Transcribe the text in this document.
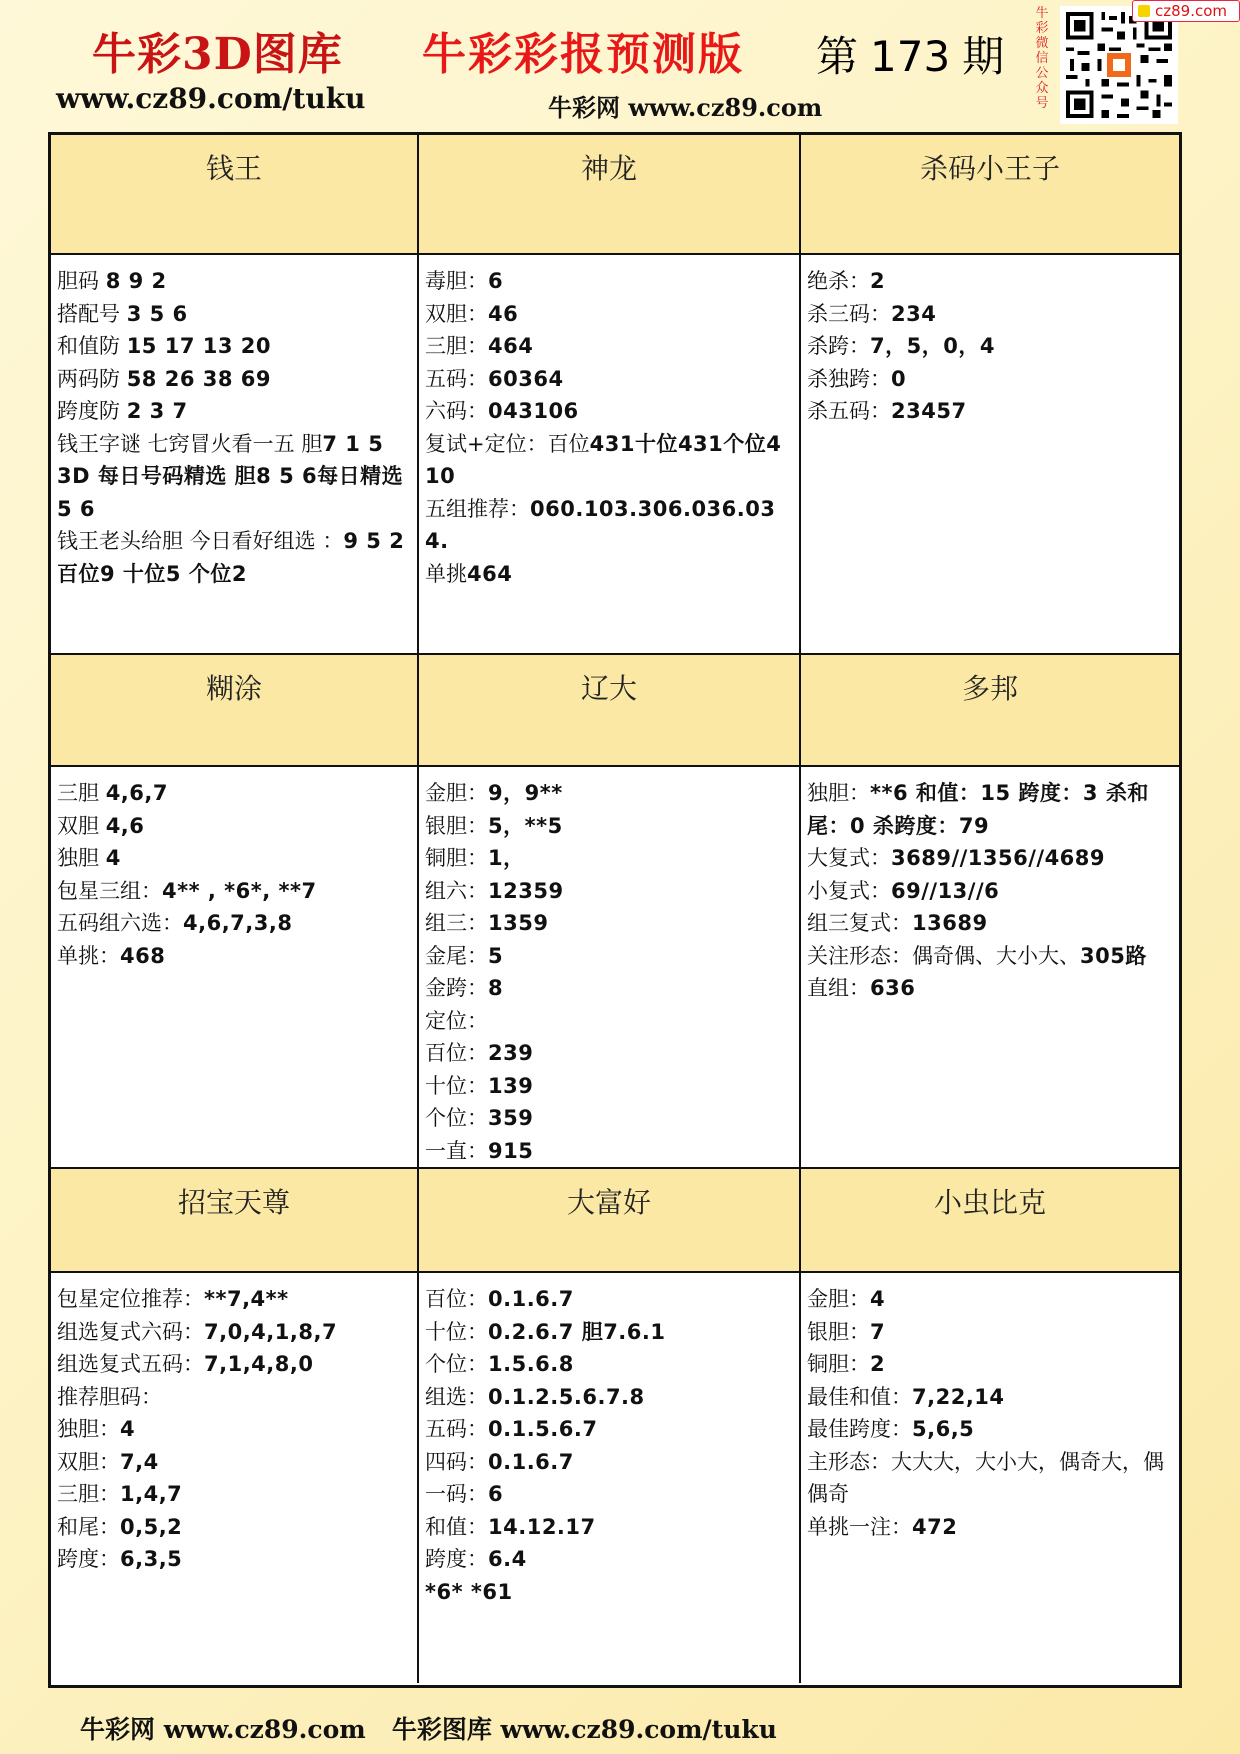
牛彩3D图库
www.cz89.com/tuku
牛彩彩报预测版
牛彩网 www.cz89.com
第 173 期
牛彩微信公众号
cz89.com
钱王	神龙	杀码小王子
胆码 8 9 2
搭配号 3 5 6
和值防 15 17 13 20
两码防 58 26 38 69
跨度防 2 3 7
钱王字谜 七窍冒火看一五 胆7 1 5
3D 每日号码精选 胆8 5 6每日精选 5 6
钱王老头给胆 今日看好组选 ：9 5 2百位9 十位5 个位2
毒胆：6
双胆：46
三胆：464
五码：60364
六码：043106
复试+定位：百位431十位431个位410
五组推荐：060.103.306.036.034.
单挑464
绝杀：2
杀三码：234
杀跨：7，5，0，4
杀独跨：0
杀五码：23457
糊涂	辽大	多邦
三胆 4,6,7
双胆 4,6
独胆 4
包星三组：4** , *6*, **7
五码组六选：4,6,7,3,8
单挑：468
金胆：9，9**
银胆：5，**5
铜胆：1，
组六：12359
组三：1359
金尾：5
金跨：8
定位：
百位：239
十位：139
个位：359
一直：915
独胆：**6 和值：15 跨度：3 杀和尾：0 杀跨度：79
大复式：3689//1356//4689
小复式：69//13//6
组三复式：13689
关注形态：偶奇偶、大小大、305路
直组：636
招宝天尊	大富好	小虫比克
包星定位推荐：**7,4**
组选复式六码：7,0,4,1,8,7
组选复式五码：7,1,4,8,0
推荐胆码：
独胆：4
双胆：7,4
三胆：1,4,7
和尾：0,5,2
跨度：6,3,5
百位：0.1.6.7
十位：0.2.6.7 胆7.6.1
个位：1.5.6.8
组选：0.1.2.5.6.7.8
五码：0.1.5.6.7
四码：0.1.6.7
一码：6
和值：14.12.17
跨度：6.4
*6* *61
金胆：4
银胆：7
铜胆：2
最佳和值：7,22,14
最佳跨度：5,6,5
主形态：大大大，大小大，偶奇大，偶偶奇
单挑一注：472
牛彩网 www.cz89.com   牛彩图库 www.cz89.com/tuku
